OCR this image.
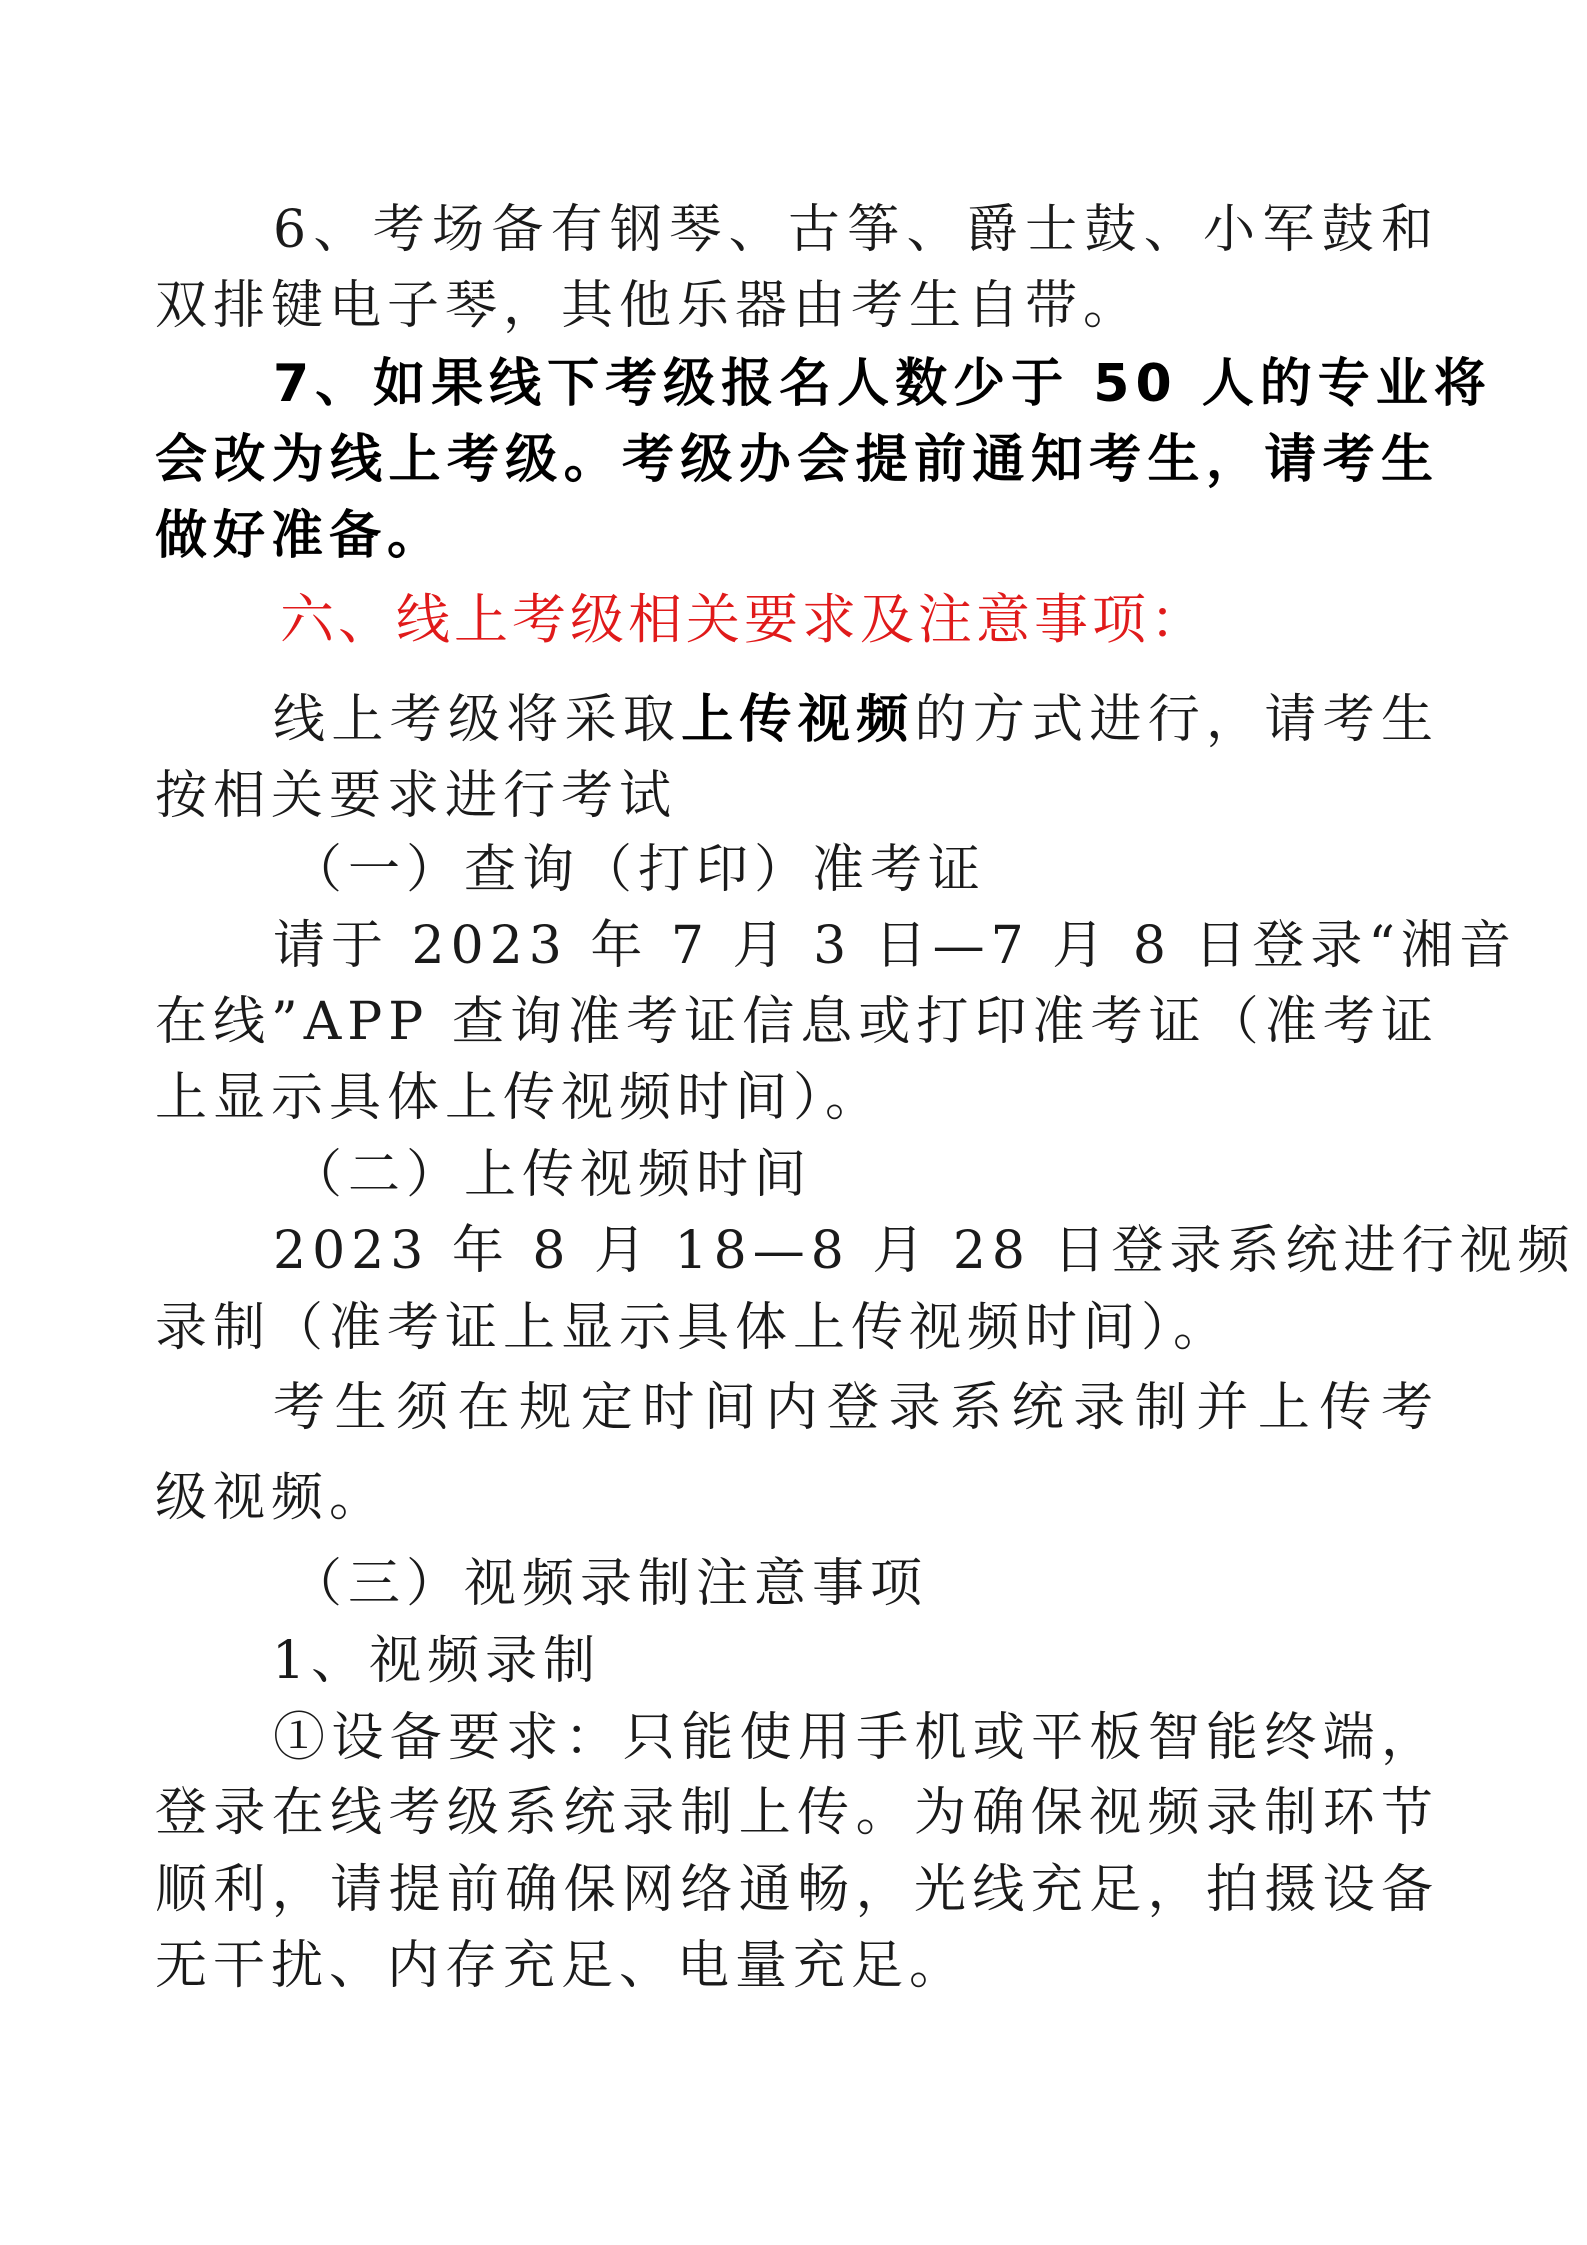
6、考场备有钢琴、古筝、爵士鼓、小军鼓和
双排键电子琴，其他乐器由考生自带。
7、如果线下考级报名人数少于 50 人的专业将
会改为线上考级。考级办会提前通知考生，请考生
做好准备。
六、线上考级相关要求及注意事项：
线上考级将采取上传视频的方式进行，请考生
按相关要求进行考试
（一）查询（打印）准考证
请于 2023 年 7 月 3 日—7 月 8 日登录“湘音
在线”APP 查询准考证信息或打印准考证（准考证
上显示具体上传视频时间）。
（二）上传视频时间
2023 年 8 月 18—8 月 28 日登录系统进行视频
录制（准考证上显示具体上传视频时间）。
考生须在规定时间内登录系统录制并上传考
级视频。
（三）视频录制注意事项
1、视频录制
①设备要求：只能使用手机或平板智能终端，
登录在线考级系统录制上传。为确保视频录制环节
顺利，请提前确保网络通畅，光线充足，拍摄设备
无干扰、内存充足、电量充足。
